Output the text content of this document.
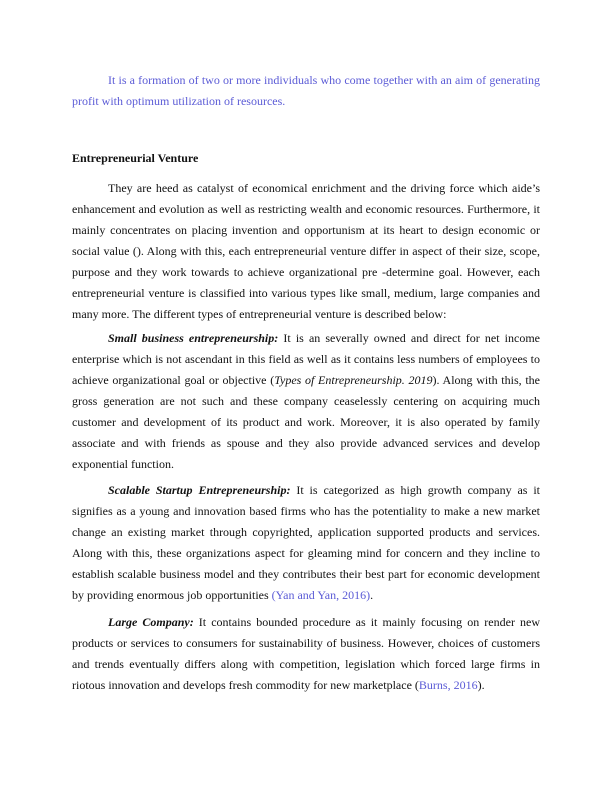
It is a formation of two or more individuals who come together with an aim of generating profit with optimum utilization of resources.

Entrepreneurial Venture

They are heed as catalyst of economical enrichment and the driving force which aide’s enhancement and evolution as well as restricting wealth and economic resources. Furthermore, it mainly concentrates on placing invention and opportunism at its heart to design economic or social value (). Along with this, each entrepreneurial venture differ in aspect of their size, scope, purpose and they work towards to achieve organizational pre -determine goal. However, each entrepreneurial venture is classified into various types like small, medium, large companies and many more. The different types of entrepreneurial venture is described below:

Small business entrepreneurship: It is an severally owned and direct for net income enterprise which is not ascendant in this field as well as it contains less numbers of employees to achieve organizational goal or objective (Types of Entrepreneurship. 2019). Along with this, the gross generation are not such and these company ceaselessly centering on acquiring much customer and development of its product and work. Moreover, it is also operated by family associate and with friends as spouse and they also provide advanced services and develop exponential function.

Scalable Startup Entrepreneurship: It is categorized as high growth company as it signifies as a young and innovation based firms who has the potentiality to make a new market change an existing market through copyrighted, application supported products and services. Along with this, these organizations aspect for gleaming mind for concern and they incline to establish scalable business model and they contributes their best part for economic development by providing enormous job opportunities (Yan and Yan, 2016).

Large Company: It contains bounded procedure as it mainly focusing on render new products or services to consumers for sustainability of business. However, choices of customers and trends eventually differs along with competition, legislation which forced large firms in riotous innovation and develops fresh commodity for new marketplace (Burns, 2016).
